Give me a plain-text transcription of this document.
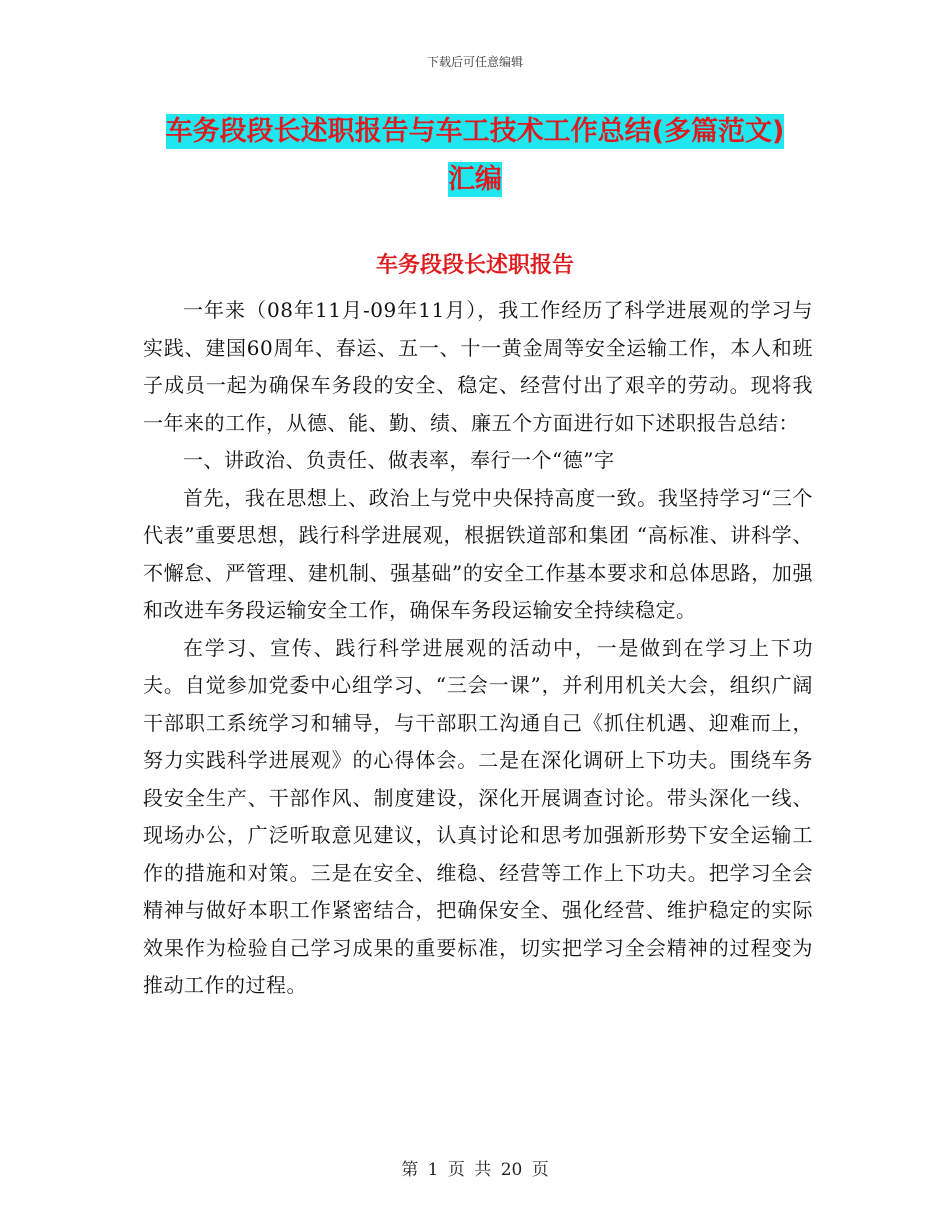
下载后可任意编辑
车务段段长述职报告与车工技术工作总结(多篇范文)
汇编
车务段段长述职报告

一年来（08年11月-09年11月），我工作经历了科学进展观的学习与实践、建国60周年、春运、五一、十一黄金周等安全运输工作，本人和班子成员一起为确保车务段的安全、稳定、经营付出了艰辛的劳动。现将我一年来的工作，从德、能、勤、绩、廉五个方面进行如下述职报告总结：

一、讲政治、负责任、做表率，奉行一个“德”字

首先，我在思想上、政治上与党中央保持高度一致。我坚持学习“三个代表”重要思想，践行科学进展观，根据铁道部和集团 “高标准、讲科学、不懈怠、严管理、建机制、强基础”的安全工作基本要求和总体思路，加强和改进车务段运输安全工作，确保车务段运输安全持续稳定。

在学习、宣传、践行科学进展观的活动中，一是做到在学习上下功夫。自觉参加党委中心组学习、“三会一课”，并利用机关大会，组织广阔干部职工系统学习和辅导，与干部职工沟通自己《抓住机遇、迎难而上，努力实践科学进展观》的心得体会。二是在深化调研上下功夫。围绕车务段安全生产、干部作风、制度建设，深化开展调查讨论。带头深化一线、现场办公，广泛听取意见建议，认真讨论和思考加强新形势下安全运输工作的措施和对策。三是在安全、维稳、经营等工作上下功夫。把学习全会精神与做好本职工作紧密结合，把确保安全、强化经营、维护稳定的实际效果作为检验自己学习成果的重要标准，切实把学习全会精神的过程变为推动工作的过程。

第 1 页 共 20 页
